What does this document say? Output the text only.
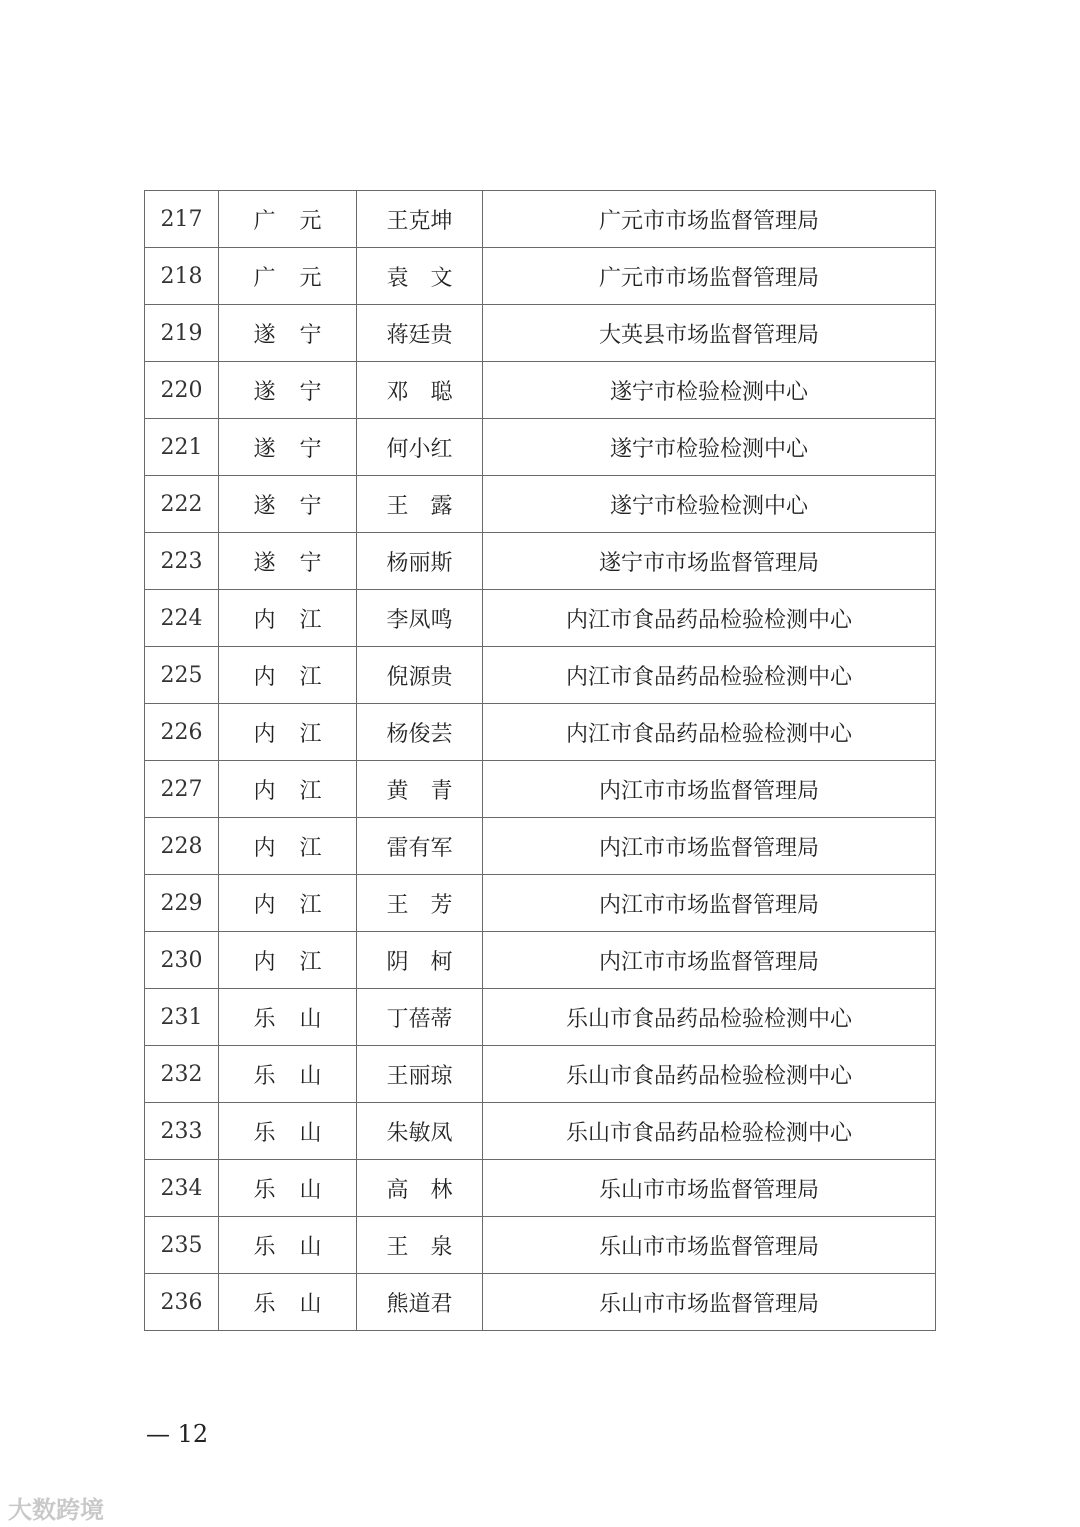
217	广元	王克坤	广元市市场监督管理局
218	广元	袁文	广元市市场监督管理局
219	遂宁	蒋廷贵	大英县市场监督管理局
220	遂宁	邓聪	遂宁市检验检测中心
221	遂宁	何小红	遂宁市检验检测中心
222	遂宁	王露	遂宁市检验检测中心
223	遂宁	杨丽斯	遂宁市市场监督管理局
224	内江	李凤鸣	内江市食品药品检验检测中心
225	内江	倪源贵	内江市食品药品检验检测中心
226	内江	杨俊芸	内江市食品药品检验检测中心
227	内江	黄青	内江市市场监督管理局
228	内江	雷有军	内江市市场监督管理局
229	内江	王芳	内江市市场监督管理局
230	内江	阴柯	内江市市场监督管理局
231	乐山	丁蓓蒂	乐山市食品药品检验检测中心
232	乐山	王丽琼	乐山市食品药品检验检测中心
233	乐山	朱敏凤	乐山市食品药品检验检测中心
234	乐山	高林	乐山市市场监督管理局
235	乐山	王泉	乐山市市场监督管理局
236	乐山	熊道君	乐山市市场监督管理局
— 12
大数跨境
